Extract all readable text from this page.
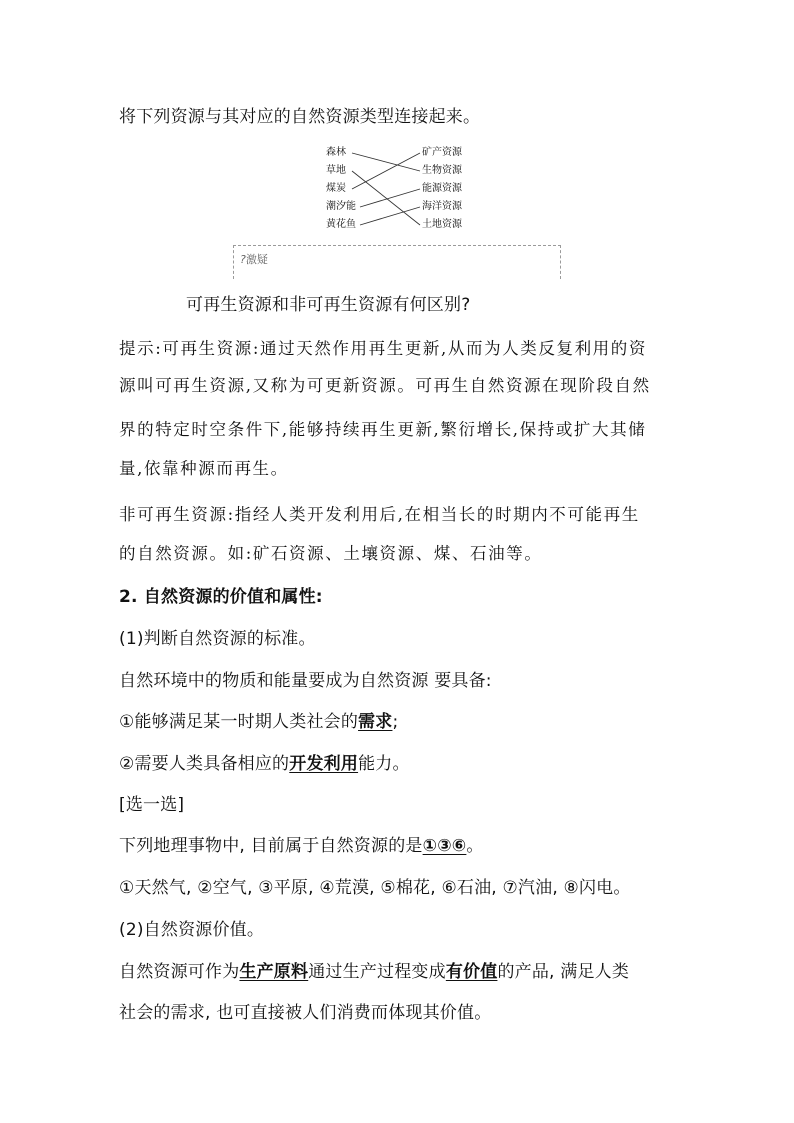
将下列资源与其对应的自然资源类型连接起来。
森林
草地
煤炭
潮汐能
黄花鱼
矿产资源
生物资源
能源资源
海洋资源
土地资源
?激疑
可再生资源和非可再生资源有何区别?
提示:可再生资源:通过天然作用再生更新,从而为人类反复利用的资
源叫可再生资源,又称为可更新资源。可再生自然资源在现阶段自然
界的特定时空条件下,能够持续再生更新,繁衍增长,保持或扩大其储
量,依靠种源而再生。
非可再生资源:指经人类开发利用后,在相当长的时期内不可能再生
的自然资源。如:矿石资源、土壤资源、煤、石油等。
2. 自然资源的价值和属性:
(1)判断自然资源的标准。
自然环境中的物质和能量要成为自然资源 要具备:
①能够满足某一时期人类社会的需求;
②需要人类具备相应的开发利用能力。
[选一选]
下列地理事物中, 目前属于自然资源的是①③⑥。
①天然气, ②空气, ③平原, ④荒漠, ⑤棉花, ⑥石油, ⑦汽油, ⑧闪电。
(2)自然资源价值。
自然资源可作为生产原料通过生产过程变成有价值的产品, 满足人类
社会的需求, 也可直接被人们消费而体现其价值。
